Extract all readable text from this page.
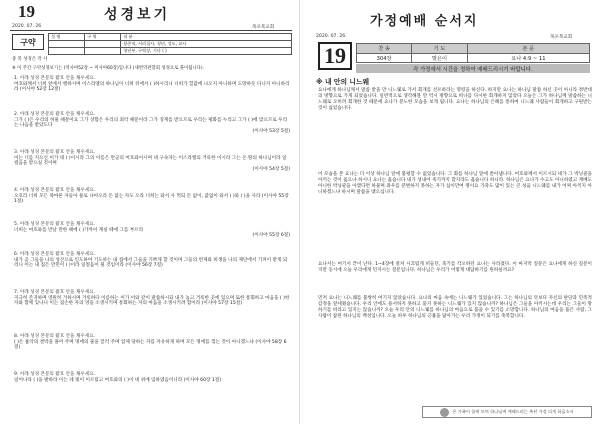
19	성경보기
2020. 07. 26	목포북교회
구약
성 명	구 역	직 분
		항존직, 서리집사, 청년, 성도, 교사
		청년부, 구역장, 기타 ( )
중 복 성경은 작 사
※ 이 주간 구약성경보기는 (역사야52장 ~ 미사아60장)입니다 (새번역관할회 성경으로 풀이됩니다).
1. 아래 성경 본문의 괄호 안을 채우세요.
여호와께서 너희 앞에서 행하시며 이스라엘의 하나님이 너희 뒤에서 ( )하시리니 너희가 헐값에 나오지 아니하며 도망하듯 다니지 아니하리라 (이사야 52장 12절)
2. 아래 성경 본문의 괄호 안을 채우세요.
그가 ( )은 우리의 허물 때문이요 그가 상함은 우리의 죄악 때문이라 그가 징계를 받으므로 우리는 평화를 누리고 그가 ( )에 맞으므로 우리는 나음을 받았도다
(이사야 53장 5절)
3. 아래 성경 본문의 괄호 안을 채우세요.
이는 너를 지으신 이가 네 ( )이시라 그의 이름은 만군의 여호와이시며 네 구속자는 이스라엘의 거룩한 이시라 그는 온 땅의 하나님이라 일컬음을 받으실 것이며
(이사야 54장 5절)
4. 아래 성경 본문의 괄호 안을 채우세요.
오호라 너희 모든 목마른 자들아 물로 나아오라 돈 없는 자도 오라 너희는 와서 사 먹되 돈 없이, 값없이 와서 ( )와 ( )을 사라 (이사야 55장 1절)
5. 아래 성경 본문의 괄호 안을 채우세요.
너희는 여호와를 만날 만한 때에 ( )가까이 계실 때에 그를 부르라
(이사야 55장 6절)
6. 아래 성경 본문의 괄호 안을 채우세요.
내가 곧 그들을 나의 성산으로 인도하여 기도하는 내 집에서 그들을 기쁘게 할 것이며 그들의 번제와 희생을 나의 제단에서 기꺼이 받게 되리니 이는 내 집은 만민이 ( )이라 일컬음이 될 것임이라 (이사야 56장 7절)
7. 아래 성경 본문의 괄호 안을 채우세요.
지극히 존귀하며 영원히 거하시며 거룩하다 이름하는 이가 이와 같이 말씀하시되 내가 높고 거룩한 곳에 있으며 또한 통회하고 마음을 ( )한 자와 함께 있나니 이는 겸손한 자의 영을 소생시키며 통회하는 자의 마음을 소생시키려 함이라 (이사야 57장 15절)
8. 아래 성경 본문의 괄호 안을 채우세요.
( )은 흉악의 결박을 풀어 주며 멍에의 줄을 끌러 주며 압제 당하는 자를 자유하게 하며 모든 멍에를 꺾는 것이 아니겠느냐 (이사야 58장 6절)
9. 아래 성경 본문의 괄호 안을 채우세요.
일어나라 ( )을 발하라 이는 네 빛이 이르렀고 여호와의 ( )이 네 위에 임하였음이니라 (이사야 60장 1절)
가정예배 순서지
2020. 07. 26.	목포북교회
19	찬 송	기 도	본 문
304장	맡은이	요나 4:9 ~ 11
각 가정에서 시간을 정하여 예배드리시기 바랍니다.
※ 내 안의 니느웨
온 가족이 함께 모여 하나님께 예배드리는 복된 가정 되게 하옵소서
요나에게 하나님께서 말씀 받을 만 니느웨로 가서 회개를 선포하라는 명령을 하신다. 하지만 요나는 하나님 말씀 하신 곳이 아니라 정반대의 방향으로 가게 되었습니다. 일반적으로 생각해볼 만 역시 방향으로 떠나를 다시한 회개하지 않았다 오늘은 그가 하나님께 말씀하는 니느웨로 오히려 회개한 것 때문에 요나가 분노한 모습을 보게 됩니다. 요나는 하나님의 은혜를 통하여 니느웨 사람들이 회개하고 구원받는 것이 싫었습니다.
이 모습을 본 요나는 더 이상 하나님 앞에 불평할 수 없었습니다. 그 화를 하나님 앞에 쏟아냅니다. 여호와께서 이르시되 네가 그 박넝쿨을 아끼는 것이 옳으냐 하시니 요나는 옳습니다 내가 성내어 죽기까지 할지라도 옳습니다 하니라. 하나님은 요나가 수고도 아니하였고 재배도 아니한 박넝쿨을 아꼈다면 하물며 좌우를 분변하지 못하는 자가 십이만여 명이요 가축도 많이 있는 큰 성읍 니느웨를 내가 어찌 아끼지 아니하겠느냐 하시며 말씀을 맺으십니다.
요나서는 여기서 끝이 난다. 1~4장에 걸쳐 시끄럽게 떠들던, 죽기를 각오하던 요나는 사라졌다. 이 마지막 질문은 요나에게 하신 질문이지만 동시에 오늘 우리에게 던지시는 질문입니다. 하나님은 우리가 어떻게 대답하기를 원하실까요?
먼저 요나는 니느웨를 불쌍히 여기지 않았습니다. 요나의 마음 속에는 니느웨가 있었습니다. 그는 하나님의 뜻보다 자신의 판단과 민족적 감정을 앞세웠습니다. 우리 안에도 용서하지 못하고 품지 못하는 니느웨가 있지 않습니까? 하나님은 그들을 아끼시는데 우리는 그들이 망하기를 바라고 있지는 않습니까? 오늘 우리 안의 니느웨를 하나님의 마음으로 품을 수 있기를 소망합니다. 하나님의 마음을 품은 사람, 그 사람이 참된 하나님의 백성입니다. 오늘 하루 하나님의 긍휼을 닮아가는 우리 가정이 되기를 축복합니다.
